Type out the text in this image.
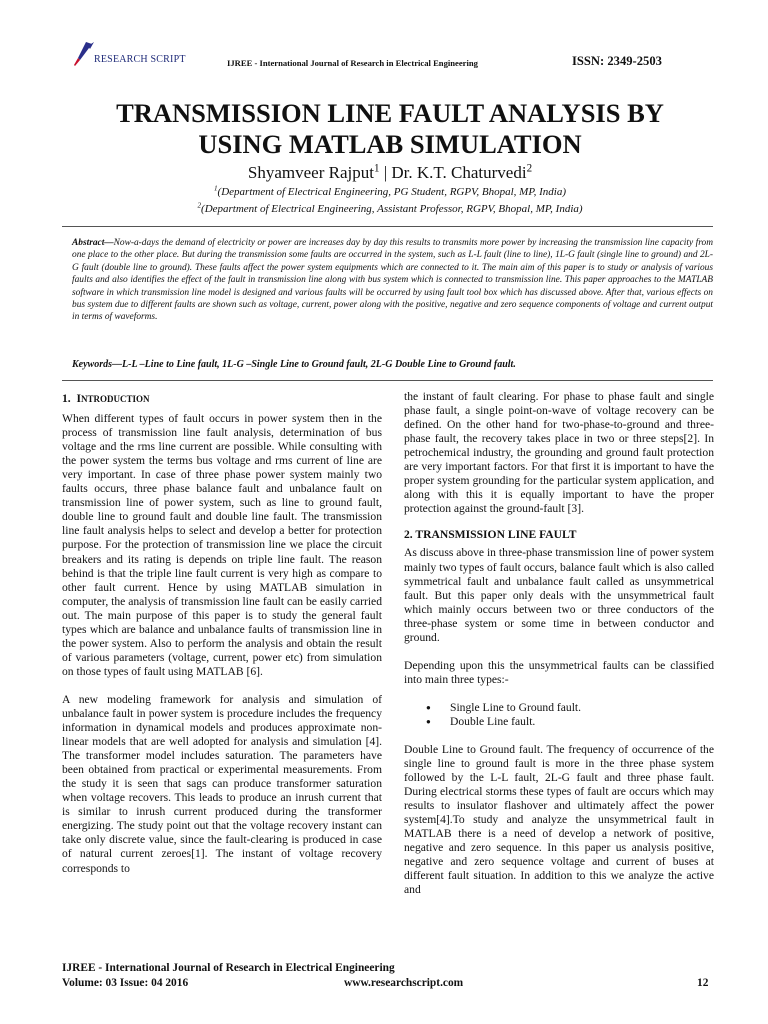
RESEARCH SCRIPT	IJREE - International Journal of Research in Electrical Engineering	ISSN: 2349-2503
TRANSMISSION LINE FAULT ANALYSIS BY
USING MATLAB SIMULATION
Shyamveer Rajput$^1$ | Dr. K.T. Chaturvedi$^2$
$^1$(Department of Electrical Engineering, PG Student, RGPV, Bhopal, MP, India)
$^2$(Department of Electrical Engineering, Assistant Professor, RGPV, Bhopal, MP, India)

Abstract—Now-a-days the demand of electricity or power are increases day by day this results to transmits more power by increasing the transmission line capacity from one place to the other place. But during the transmission some faults are occurred in the system, such as L-L fault (line to line), 1L-G fault (single line to ground) and 2L-G fault (double line to ground). These faults affect the power system equipments which are connected to it. The main aim of this paper is to study or analysis of various faults and also identifies the effect of the fault in transmission line along with bus system which is connected to transmission line. This paper approaches to the MATLAB software in which transmission line model is designed and various faults will be occurred by using fault tool box which has discussed above. After that, various effects on bus system due to different faults are shown such as voltage, current, power along with the positive, negative and zero sequence components of voltage and current output in terms of waveforms.

Keywords—L-L –Line to Line fault, 1L-G –Single Line to Ground fault, 2L-G Double Line to Ground fault.

1. INTRODUCTION

When different types of fault occurs in power system then in the process of transmission line fault analysis, determination of bus voltage and the rms line current are possible. While consulting with the power system the terms bus voltage and rms current of line are very important. In case of three phase power system mainly two faults occurs, three phase balance fault and unbalance fault on transmission line of power system, such as line to ground fault, double line to ground fault and double line fault. The transmission line fault analysis helps to select and develop a better for protection purpose. For the protection of transmission line we place the circuit breakers and its rating is depends on triple line fault. The reason behind is that the triple line fault current is very high as compare to other fault current. Hence by using MATLAB simulation in computer, the analysis of transmission line fault can be easily carried out. The main purpose of this paper is to study the general fault types which are balance and unbalance faults of transmission line in the power system. Also to perform the analysis and obtain the result of various parameters (voltage, current, power etc) from simulation on those types of fault using MATLAB [6].

A new modeling framework for analysis and simulation of unbalance fault in power system is procedure includes the frequency information in dynamical models and produces approximate non-linear models that are well adopted for analysis and simulation [4]. The transformer model includes saturation. The parameters have been obtained from practical or experimental measurements. From the study it is seen that sags can produce transformer saturation when voltage recovers. This leads to produce an inrush current that is similar to inrush current produced during the transformer energizing. The study point out that the voltage recovery instant can take only discrete value, since the fault-clearing is produced in case of natural current zeroes[1]. The instant of voltage recovery corresponds to

the instant of fault clearing. For phase to phase fault and single phase fault, a single point-on-wave of voltage recovery can be defined. On the other hand for two-phase-to-ground and three-phase fault, the recovery takes place in two or three steps[2]. In petrochemical industry, the grounding and ground fault protection are very important factors. For that first it is important to have the proper system grounding for the particular system application, and along with this it is equally important to have the proper protection against the ground-fault [3].

2. TRANSMISSION LINE FAULT

As discuss above in three-phase transmission line of power system mainly two types of fault occurs, balance fault which is also called symmetrical fault and unbalance fault called as unsymmetrical fault. But this paper only deals with the unsymmetrical fault which mainly occurs between two or three conductors of the three-phase system or some time in between conductor and ground.

Depending upon this the unsymmetrical faults can be classified into main three types:-

● Single Line to Ground fault.
● Double Line fault.

Double Line to Ground fault. The frequency of occurrence of the single line to ground fault is more in the three phase system followed by the L-L fault, 2L-G fault and three phase fault. During electrical storms these types of fault are occurs which may results to insulator flashover and ultimately affect the power system[4].To study and analyze the unsymmetrical fault in MATLAB there is a need of develop a network of positive, negative and zero sequence. In this paper us analysis positive, negative and zero sequence voltage and current of buses at different fault situation. In addition to this we analyze the active and

IJREE - International Journal of Research in Electrical Engineering
Volume: 03 Issue: 04 2016	www.researchscript.com	12
